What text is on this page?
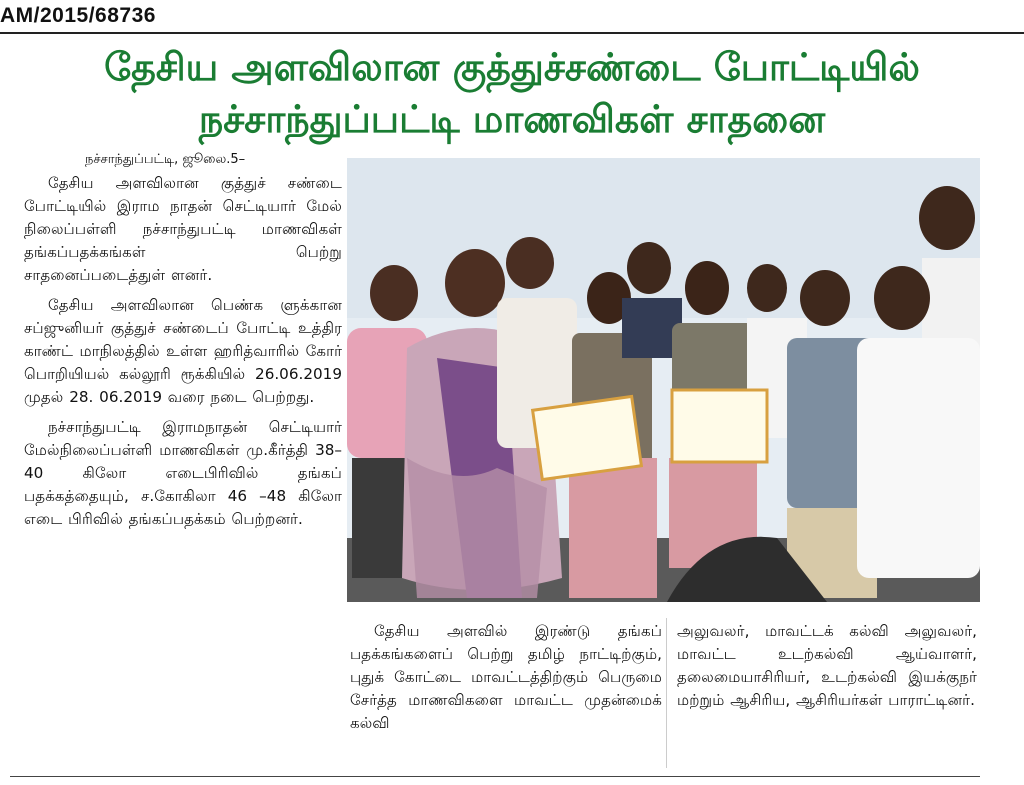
AM/2015/68736
தேசிய அளவிலான குத்துச்சண்டை போட்டியில்
நச்சாந்துப்பட்டி மாணவிகள் சாதனை
நச்சாந்துப்பட்டி, ஜூலை.5–

தேசிய அளவிலான குத்துச் சண்டை போட்டியில் இராம நாதன் செட்டியார் மேல் நிலைப்பள்ளி நச்சாந்துபட்டி மாணவிகள் தங்கப்பதக்கங்கள் பெற்று சாதனைப்படைத்துள் ளனர்.

தேசிய அளவிலான பெண்க ளுக்கான சப்ஜுனியர் குத்துச் சண்டைப் போட்டி உத்திர காண்ட் மாநிலத்தில் உள்ள ஹரித்வாரில் கோர் பொறியியல் கல்லூரி ரூக்கியில் 26.06.2019 முதல் 28. 06.2019 வரை நடை பெற்றது.

நச்சாந்துபட்டி இராமநாதன் செட்டியார் மேல்நிலைப்பள்ளி மாணவிகள் மு.கீர்த்தி 38–40 கிலோ எடைபிரிவில் தங்கப் பதக்கத்தையும், ச.கோகிலா 46 –48 கிலோ எடை பிரிவில் தங்கப்பதக்கம் பெற்றனர்.

தேசிய அளவில் இரண்டு தங்கப் பதக்கங்களைப் பெற்று தமிழ் நாட்டிற்கும், புதுக் கோட்டை மாவட்டத்திற்கும் பெருமை சேர்த்த மாணவிகளை மாவட்ட முதன்மைக் கல்வி

அலுவலர், மாவட்டக் கல்வி அலுவலர், மாவட்ட உடற்கல்வி ஆய்வாளர், தலைமையாசிரியர், உடற்கல்வி இயக்குநர் மற்றும் ஆசிரிய, ஆசிரியர்கள் பாராட்டினர்.
